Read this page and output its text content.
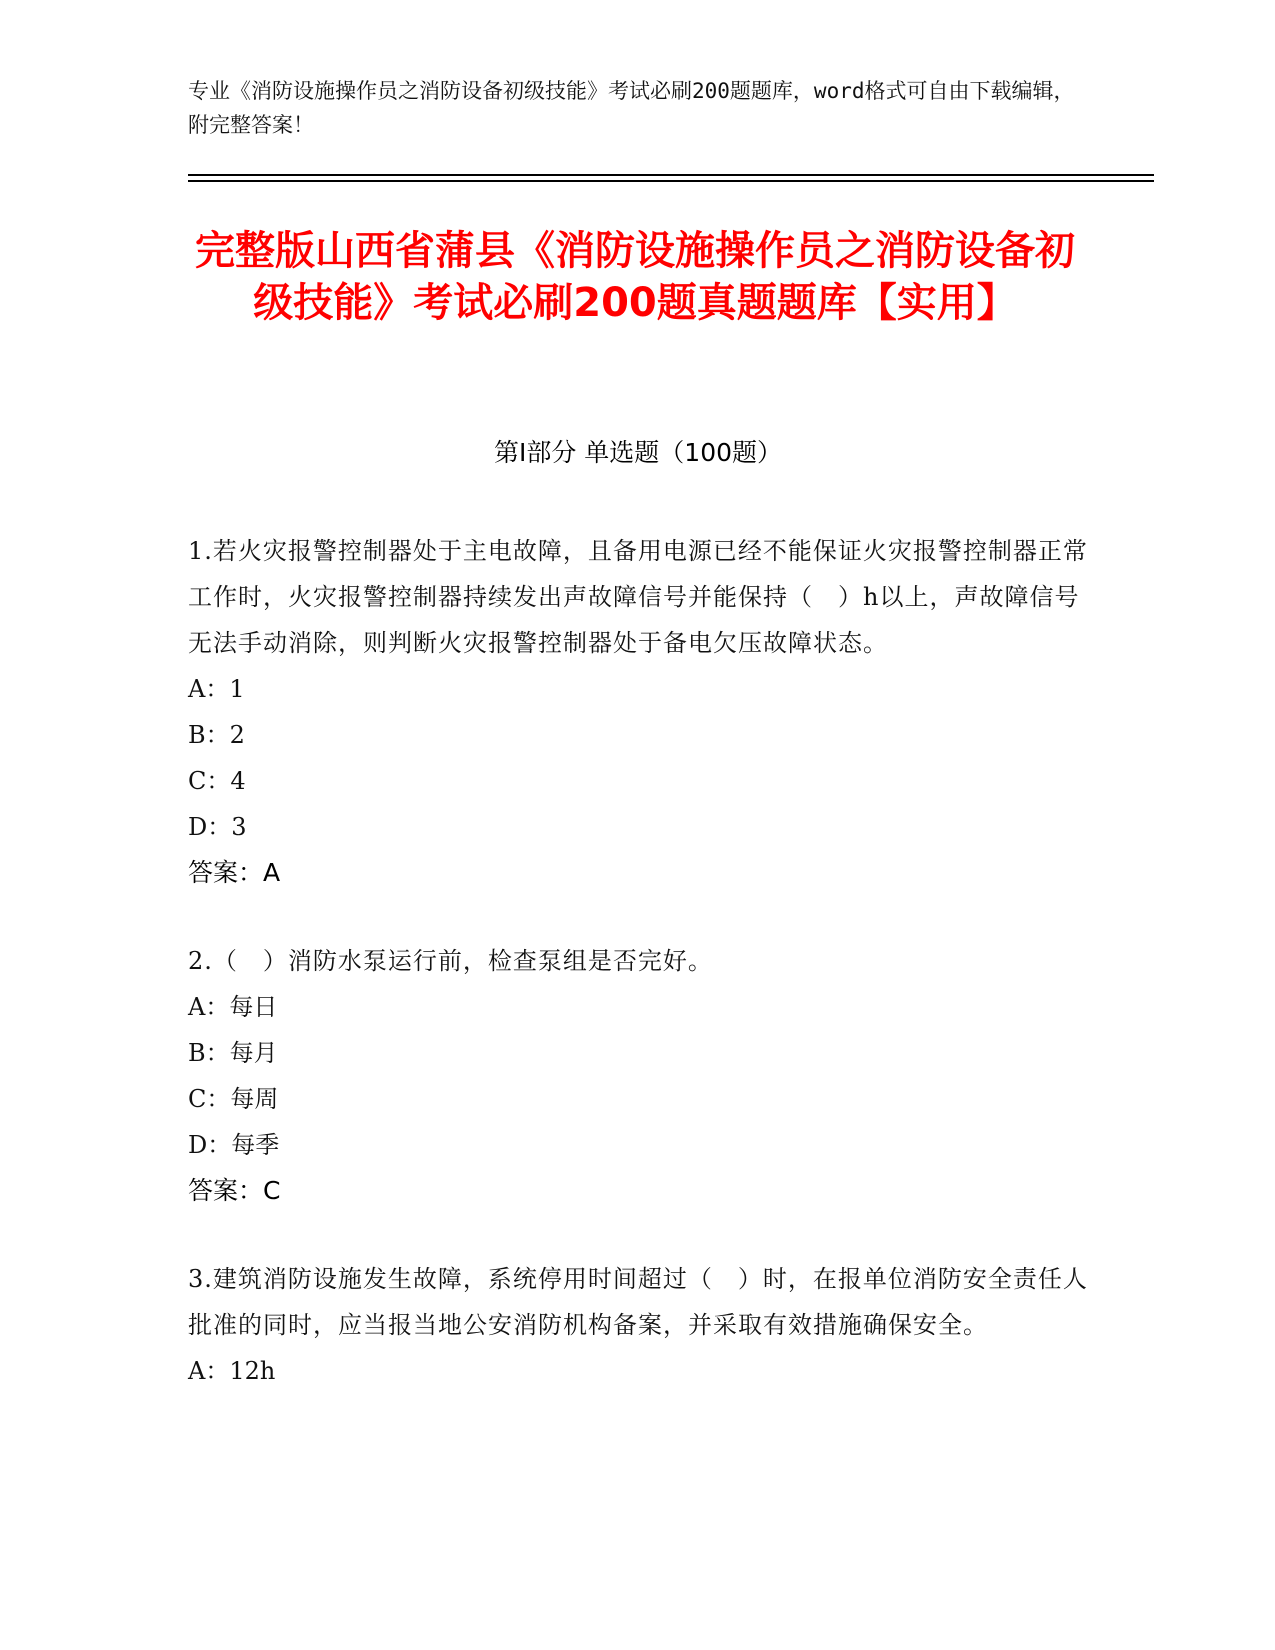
专业《消防设施操作员之消防设备初级技能》考试必刷200题题库，word格式可自由下载编辑，附完整答案！
完整版山西省蒲县《消防设施操作员之消防设备初级技能》考试必刷200题真题题库【实用】
第Ⅰ部分 单选题（100题）
1.若火灾报警控制器处于主电故障，且备用电源已经不能保证火灾报警控制器正常工作时，火灾报警控制器持续发出声故障信号并能保持（　）h以上，声故障信号无法手动消除，则判断火灾报警控制器处于备电欠压故障状态。
A：1
B：2
C：4
D：3
答案：A
2.（　）消防水泵运行前，检查泵组是否完好。
A：每日
B：每月
C：每周
D：每季
答案：C
3.建筑消防设施发生故障，系统停用时间超过（　）时，在报单位消防安全责任人批准的同时，应当报当地公安消防机构备案，并采取有效措施确保安全。
A：12h
